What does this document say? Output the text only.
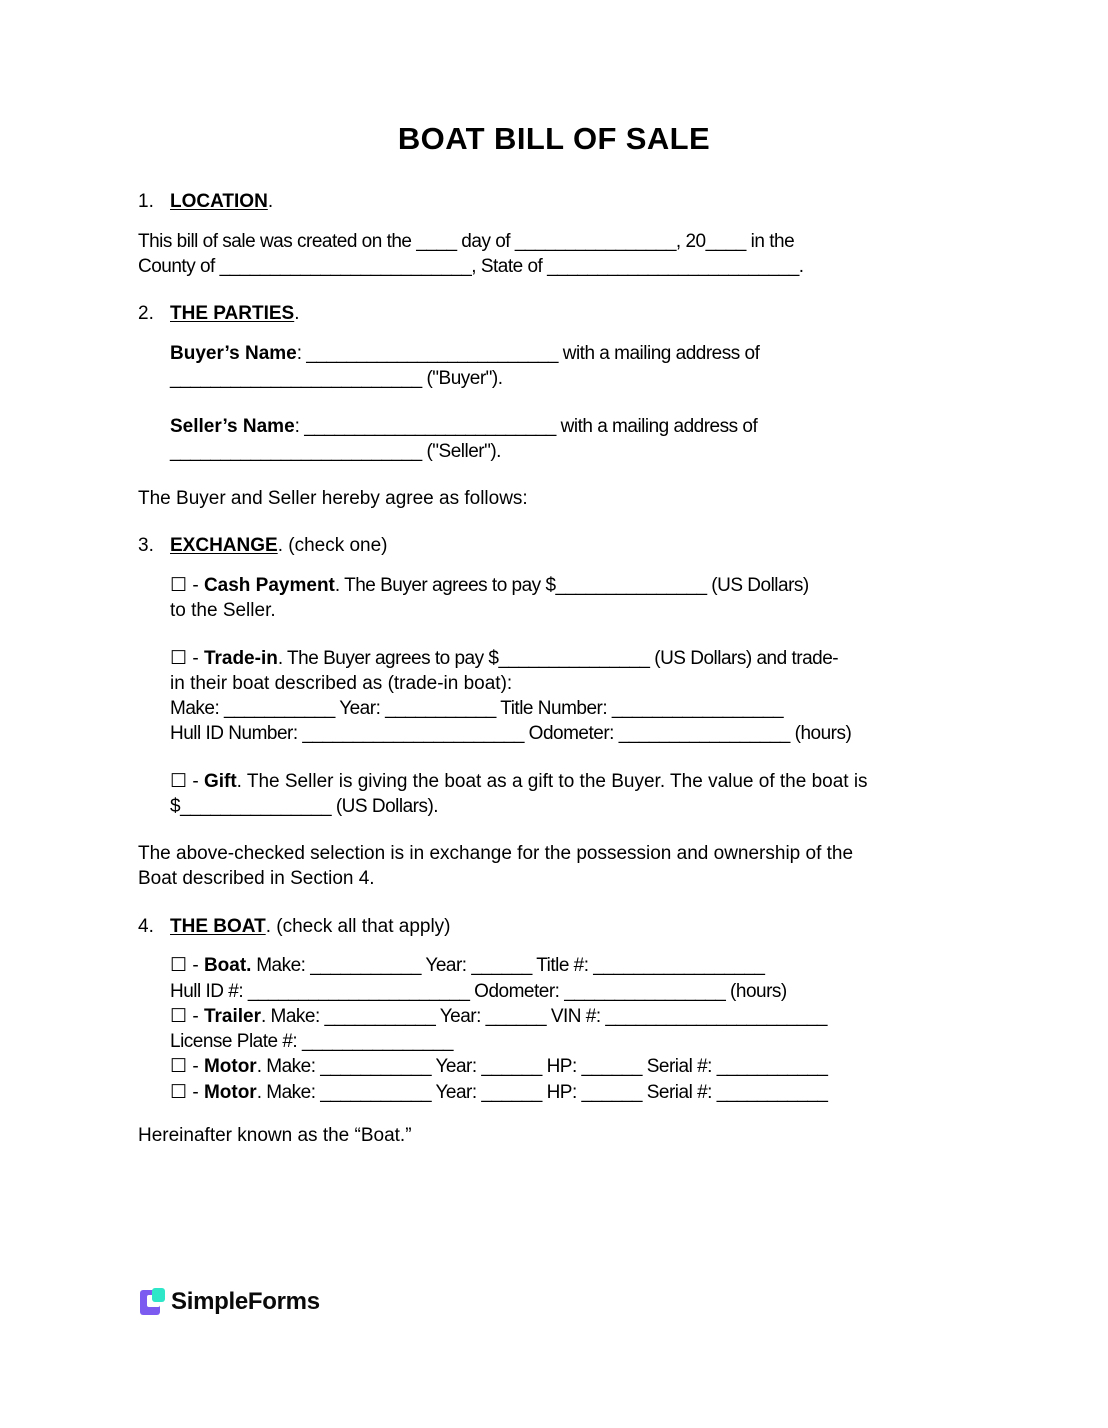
BOAT BILL OF SALE
1. LOCATION.

This bill of sale was created on the ____ day of ________________, 20____ in the
County of _________________________, State of _________________________.

2. THE PARTIES.

Buyer’s Name: _________________________ with a mailing address of
_________________________ ("Buyer").

Seller’s Name: _________________________ with a mailing address of
_________________________ ("Seller").

The Buyer and Seller hereby agree as follows:

3. EXCHANGE. (check one)

☐ - Cash Payment. The Buyer agrees to pay $_______________ (US Dollars)
to the Seller.

☐ - Trade-in. The Buyer agrees to pay $_______________ (US Dollars) and trade-
in their boat described as (trade-in boat):
Make: ___________ Year: ___________ Title Number: _________________
Hull ID Number: ______________________ Odometer: _________________ (hours)

☐ - Gift. The Seller is giving the boat as a gift to the Buyer. The value of the boat is
$_______________ (US Dollars).

The above-checked selection is in exchange for the possession and ownership of the
Boat described in Section 4.

4. THE BOAT. (check all that apply)

☐ - Boat. Make: ___________ Year: ______ Title #: _________________
Hull ID #: ______________________ Odometer: ________________ (hours)
☐ - Trailer. Make: ___________ Year: ______ VIN #: ______________________
License Plate #: _______________
☐ - Motor. Make: ___________ Year: ______ HP: ______ Serial #: ___________
☐ - Motor. Make: ___________ Year: ______ HP: ______ Serial #: ___________

Hereinafter known as the “Boat.”

SimpleForms
